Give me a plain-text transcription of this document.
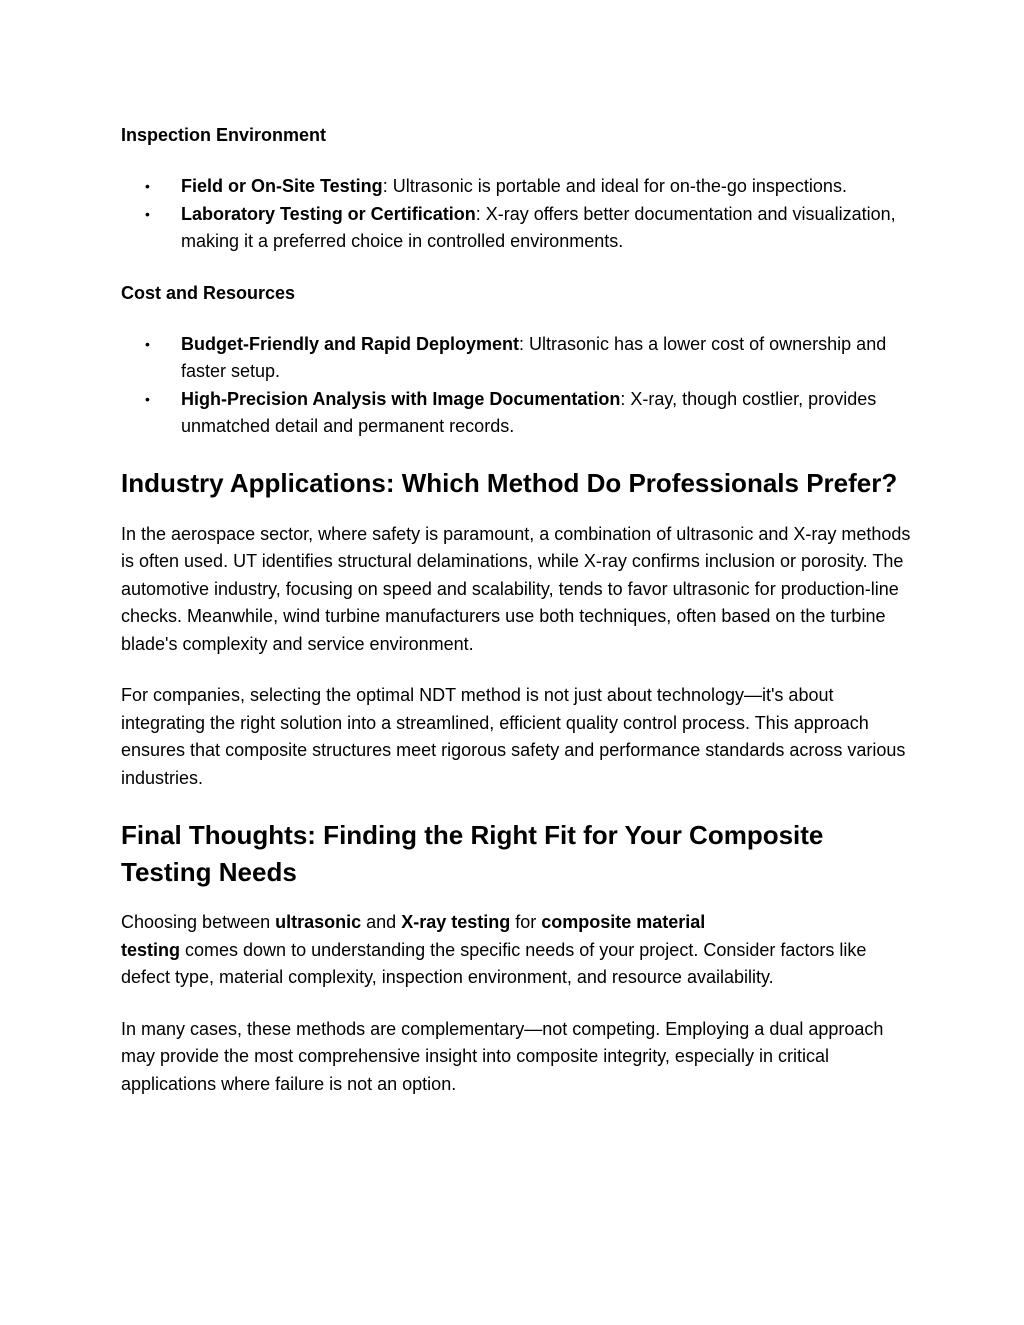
Inspection Environment

• Field or On-Site Testing: Ultrasonic is portable and ideal for on-the-go inspections.
• Laboratory Testing or Certification: X-ray offers better documentation and visualization, making it a preferred choice in controlled environments.

Cost and Resources

• Budget-Friendly and Rapid Deployment: Ultrasonic has a lower cost of ownership and faster setup.
• High-Precision Analysis with Image Documentation: X-ray, though costlier, provides unmatched detail and permanent records.
Industry Applications: Which Method Do Professionals Prefer?

In the aerospace sector, where safety is paramount, a combination of ultrasonic and X-ray methods is often used. UT identifies structural delaminations, while X-ray confirms inclusion or porosity. The automotive industry, focusing on speed and scalability, tends to favor ultrasonic for production-line checks. Meanwhile, wind turbine manufacturers use both techniques, often based on the turbine blade's complexity and service environment.

For companies, selecting the optimal NDT method is not just about technology—it's about integrating the right solution into a streamlined, efficient quality control process. This approach ensures that composite structures meet rigorous safety and performance standards across various industries.

Final Thoughts: Finding the Right Fit for Your Composite
Testing Needs

Choosing between ultrasonic and X-ray testing for composite material
testing comes down to understanding the specific needs of your project. Consider factors like defect type, material complexity, inspection environment, and resource availability.

In many cases, these methods are complementary—not competing. Employing a dual approach may provide the most comprehensive insight into composite integrity, especially in critical applications where failure is not an option.
